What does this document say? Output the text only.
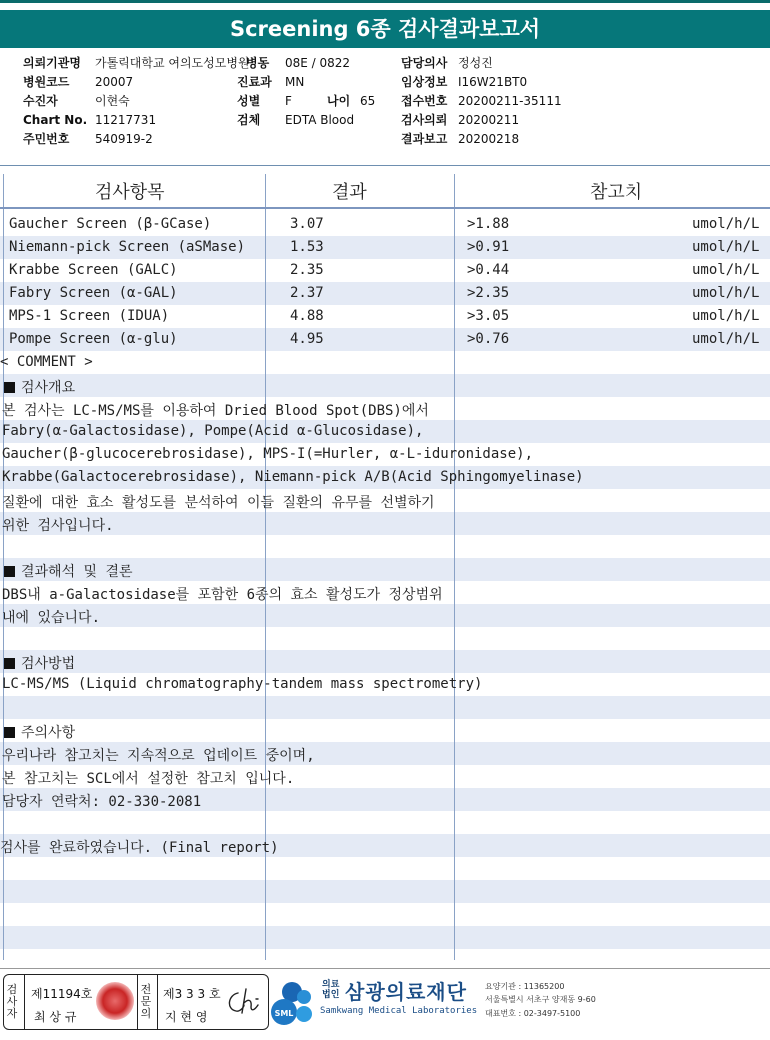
Screening 6종 검사결과보고서
의뢰기관명 가톨릭대학교 여의도성모병원
병동 08E / 0822	담당의사 정성진
병원코드 20007	진료과 MN	임상정보 I16W21BT0
수진자	이현숙	성별 F	나이 65 접수번호 20200211-35111
Chart No. 11217731	검체 EDTA Blood	검사의뢰 20200211
주민번호 540919-2	결과보고 20200218
검사항목	결과	참고치
Gaucher Screen (β-GCase)	3.07	>1.88	umol/h/L
Niemann-pick Screen (aSMase)	1.53	>0.91	umol/h/L
Krabbe Screen (GALC)	2.35	>0.44	umol/h/L
Fabry Screen (α-GAL)	2.37	>2.35	umol/h/L
MPS-1 Screen (IDUA)	4.88	>3.05	umol/h/L
Pompe Screen (α-glu)	4.95	>0.76	umol/h/L
< COMMENT >
검사개요
본 검사는 LC-MS/MS를 이용하여 Dried Blood Spot(DBS)에서
Fabry(α-Galactosidase), Pompe(Acid α-Glucosidase),
Gaucher(β-glucocerebrosidase), MPS-I(=Hurler, α-L-iduronidase),
Krabbe(Galactocerebrosidase), Niemann-pick A/B(Acid Sphingomyelinase)
질환에 대한 효소 활성도를 분석하여 이들 질환의 유무를 선별하기
위한 검사입니다.
결과해석 및 결론
DBS내 a-Galactosidase를 포함한 6종의 효소 활성도가 정상범위
내에 있습니다.
검사방법
LC-MS/MS (Liquid chromatography-tandem mass spectrometry)
주의사항
우리나라 참고치는 지속적으로 업데이트 중이며,
본 참고치는 SCL에서 설정한 참고치 입니다.
담당자 연락처: 02-330-2081
검사를 완료하였습니다. (Final report)
검사자
제11194호
최 상 규
전문의
제3 3 3 호
지 현 영	SML
의료법인 삼광의료재단
Samkwang Medical Laboratories
요양기관 : 11365200
서울특별시 서초구 양재동 9-60
대표번호 : 02-3497-5100
